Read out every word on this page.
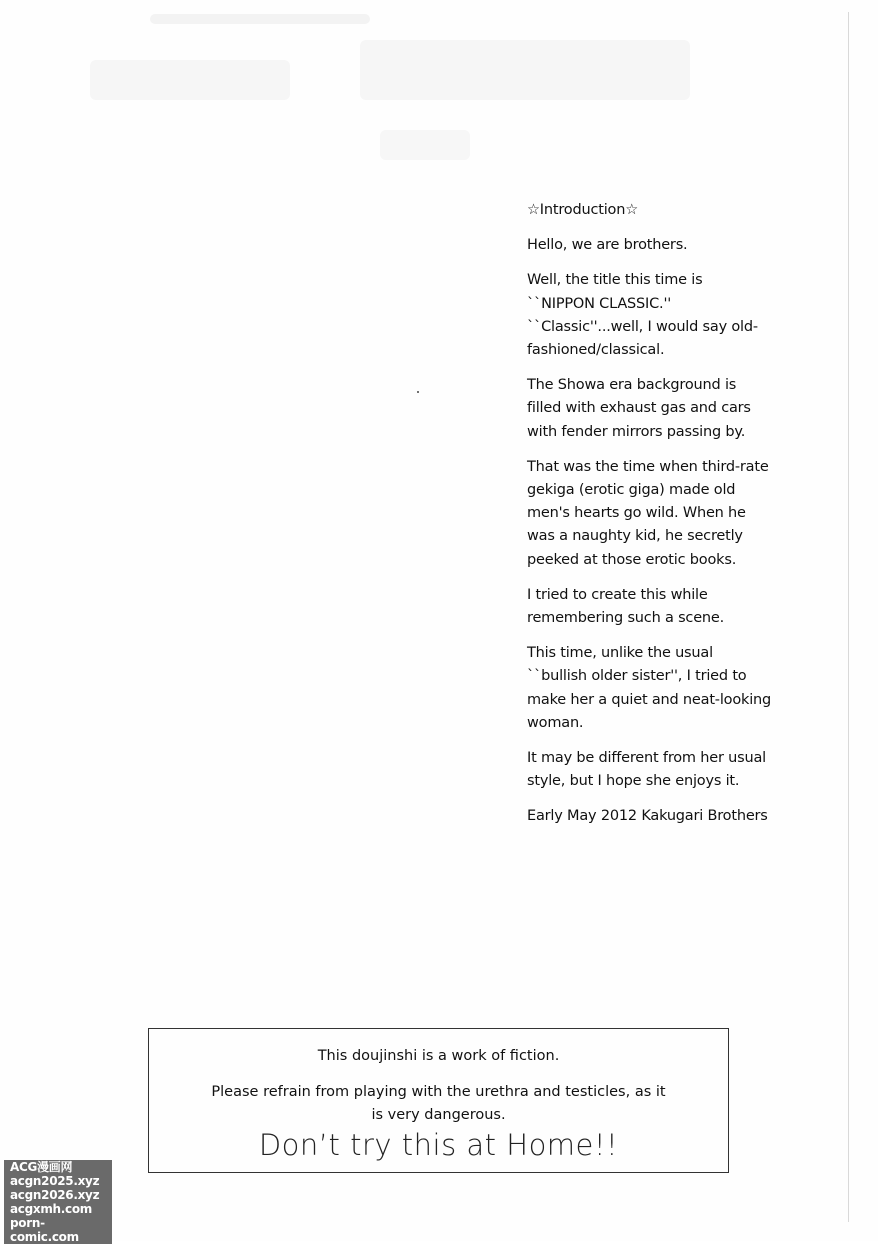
☆Introduction☆

Hello, we are brothers.

Well, the title this time is
``NIPPON CLASSIC.''
``Classic''...well, I would say old-
fashioned/classical.

The Showa era background is
filled with exhaust gas and cars
with fender mirrors passing by.

That was the time when third-rate
gekiga (erotic giga) made old
men's hearts go wild. When he
was a naughty kid, he secretly
peeked at those erotic books.

I tried to create this while
remembering such a scene.

This time, unlike the usual
``bullish older sister'', I tried to
make her a quiet and neat-looking
woman.

It may be different from her usual
style, but I hope she enjoys it.

Early May 2012 Kakugari Brothers

This doujinshi is a work of fiction.
Please refrain from playing with the urethra and testicles, as it is very dangerous.
Don’t try this at Home!!
ACG漫画网
acgn2025.xyz
acgn2026.xyz
acgxmh.com
porn-comic.com
